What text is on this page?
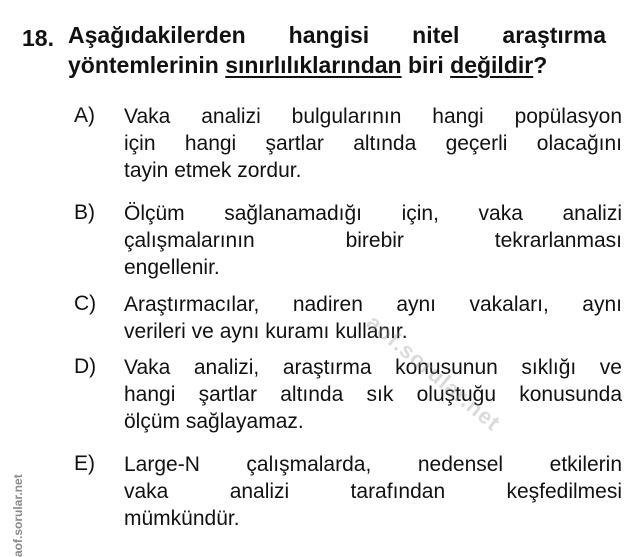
18. Aşağıdakilerden hangisi nitel araştırma
yöntemlerinin sınırlılıklarından biri değildir?
A) Vaka analizi bulgularının hangi popülasyon
için hangi şartlar altında geçerli olacağını
tayin etmek zordur.
B) Ölçüm sağlanamadığı için, vaka analizi
çalışmalarının birebir tekrarlanması
engellenir.
C) Araştırmacılar, nadiren aynı vakaları, aynı
verileri ve aynı kuramı kullanır.
D) Vaka analizi, araştırma konusunun sıklığı ve
hangi şartlar altında sık oluştuğu konusunda
ölçüm sağlayamaz.
E) Large-N çalışmalarda, nedensel etkilerin
vaka analizi tarafından keşfedilmesi
mümkündür.
aof.sorular.net
aof.sorular.net
